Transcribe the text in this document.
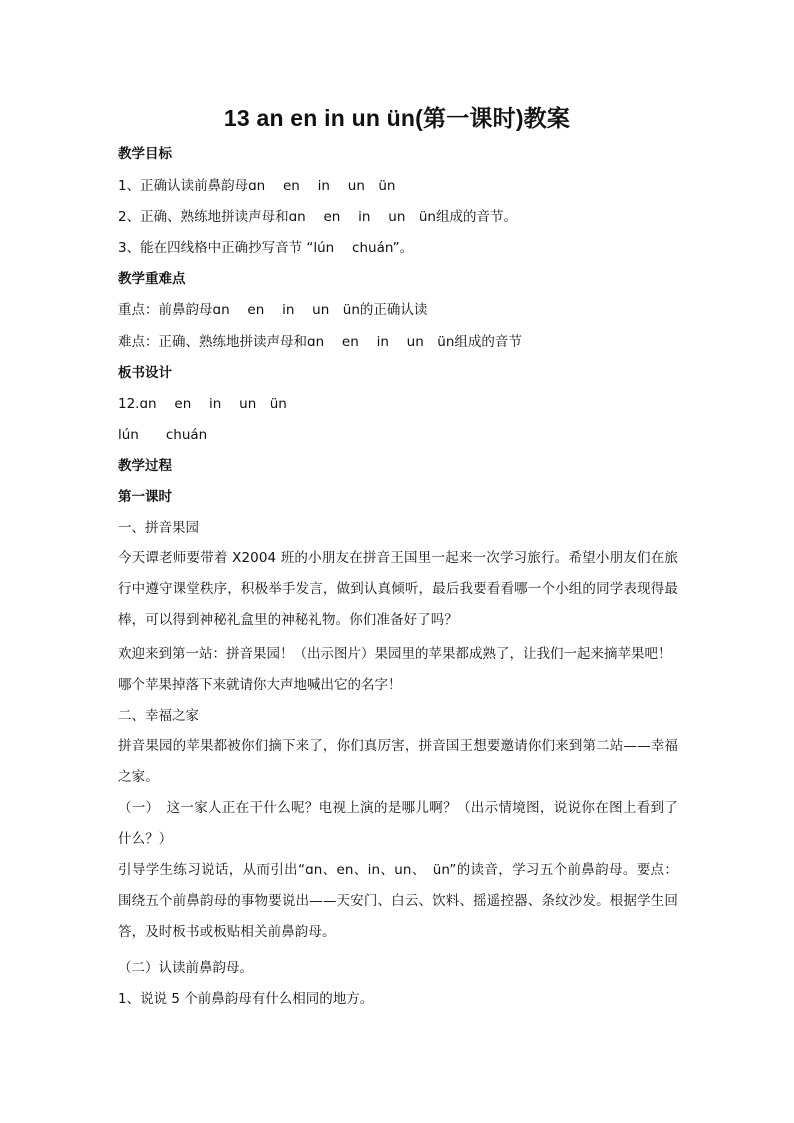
13 an en in un ün(第一课时)教案
教学目标
1、正确认读前鼻韵母ɑn　 en　 in　 un　ün
2、正确、熟练地拼读声母和ɑn　 en　 in　 un　ün组成的音节。
3、能在四线格中正确抄写音节 “lún　 chuán”。
教学重难点
重点：前鼻韵母ɑn　 en　 in　 un　ün的正确认读
难点：正确、熟练地拼读声母和ɑn　 en　 in　 un　ün组成的音节
板书设计
12.ɑn　 en　 in　 un　ün
lún　　chuán
教学过程
第一课时
一、拼音果园
今天谭老师要带着 X2004 班的小朋友在拼音王国里一起来一次学习旅行。希望小朋友们在旅行中遵守课堂秩序，积极举手发言，做到认真倾听，最后我要看看哪一个小组的同学表现得最棒，可以得到神秘礼盒里的神秘礼物。你们准备好了吗？
欢迎来到第一站：拼音果园！（出示图片）果园里的苹果都成熟了，让我们一起来摘苹果吧！
哪个苹果掉落下来就请你大声地喊出它的名字！
二、幸福之家
拼音果园的苹果都被你们摘下来了，你们真厉害，拼音国王想要邀请你们来到第二站——幸福之家。
（一）　这一家人正在干什么呢？电视上演的是哪儿啊？（出示情境图，说说你在图上看到了什么？）
引导学生练习说话，从而引出“ɑn、en、in、un、　ün”的读音，学习五个前鼻韵母。要点：围绕五个前鼻韵母的事物要说出——天安门、白云、饮料、摇遥控器、条纹沙发。根据学生回答，及时板书或板贴相关前鼻韵母。
（二）认读前鼻韵母。
1、说说 5 个前鼻韵母有什么相同的地方。
